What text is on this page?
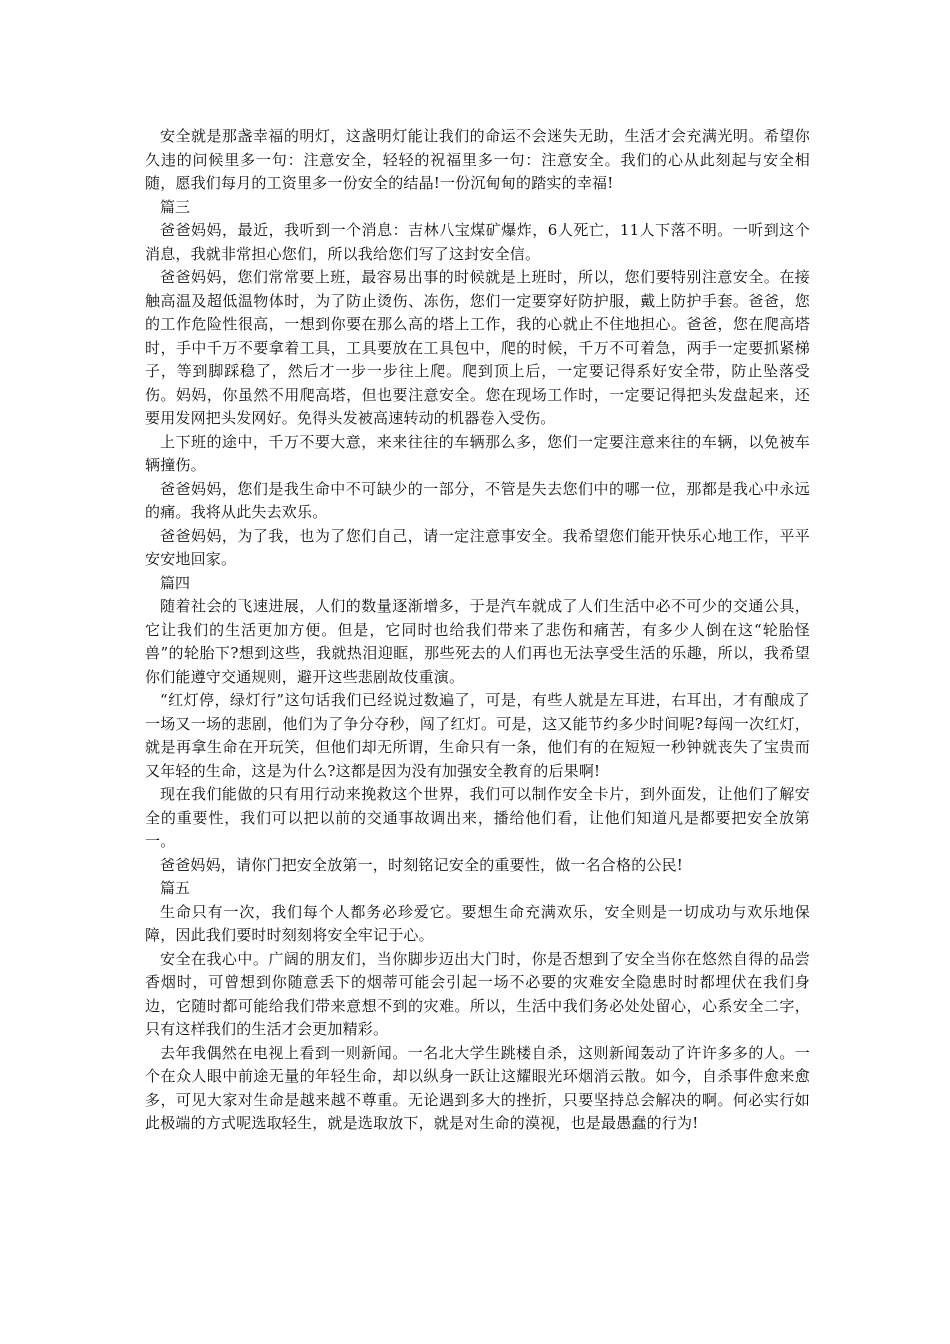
安全就是那盏幸福的明灯，这盏明灯能让我们的命运不会迷失无助，生活才会充满光明。希望你久违的问候里多一句：注意安全，轻轻的祝福里多一句：注意安全。我们的心从此刻起与安全相随，愿我们每月的工资里多一份安全的结晶!一份沉甸甸的踏实的幸福!

篇三

爸爸妈妈，最近，我听到一个消息：吉林八宝煤矿爆炸，6人死亡，11人下落不明。一听到这个消息，我就非常担心您们，所以我给您们写了这封安全信。

爸爸妈妈，您们常常要上班，最容易出事的时候就是上班时，所以，您们要特别注意安全。在接触高温及超低温物体时，为了防止烫伤、冻伤，您们一定要穿好防护服，戴上防护手套。爸爸，您的工作危险性很高，一想到你要在那么高的塔上工作，我的心就止不住地担心。爸爸，您在爬高塔时，手中千万不要拿着工具，工具要放在工具包中，爬的时候，千万不可着急，两手一定要抓紧梯子，等到脚踩稳了，然后才一步一步往上爬。爬到顶上后，一定要记得系好安全带，防止坠落受伤。妈妈，你虽然不用爬高塔，但也要注意安全。您在现场工作时，一定要记得把头发盘起来，还要用发网把头发网好。免得头发被高速转动的机器卷入受伤。

上下班的途中，千万不要大意，来来往往的车辆那么多，您们一定要注意来往的车辆，以免被车辆撞伤。

爸爸妈妈，您们是我生命中不可缺少的一部分，不管是失去您们中的哪一位，那都是我心中永远的痛。我将从此失去欢乐。

爸爸妈妈，为了我，也为了您们自己，请一定注意事安全。我希望您们能开快乐心地工作，平平安安地回家。

篇四

随着社会的飞速进展，人们的数量逐渐增多，于是汽车就成了人们生活中必不可少的交通公具，它让我们的生活更加方便。但是，它同时也给我们带来了悲伤和痛苦，有多少人倒在这“轮胎怪兽”的轮胎下?想到这些，我就热泪迎眶，那些死去的人们再也无法享受生活的乐趣，所以，我希望你们能遵守交通规则，避开这些悲剧故伎重演。

“红灯停，绿灯行”这句话我们已经说过数遍了，可是，有些人就是左耳进，右耳出，才有酿成了一场又一场的悲剧，他们为了争分夺秒，闯了红灯。可是，这又能节约多少时间呢?每闯一次红灯，就是再拿生命在开玩笑，但他们却无所谓，生命只有一条，他们有的在短短一秒钟就丧失了宝贵而又年轻的生命，这是为什么?这都是因为没有加强安全教育的后果啊!

现在我们能做的只有用行动来挽救这个世界，我们可以制作安全卡片，到外面发，让他们了解安全的重要性，我们可以把以前的交通事故调出来，播给他们看，让他们知道凡是都要把安全放第一。

爸爸妈妈，请你门把安全放第一，时刻铭记安全的重要性，做一名合格的公民!

篇五

生命只有一次，我们每个人都务必珍爱它。要想生命充满欢乐，安全则是一切成功与欢乐地保障，因此我们要时时刻刻将安全牢记于心。

安全在我心中。广阔的朋友们，当你脚步迈出大门时，你是否想到了安全当你在悠然自得的品尝香烟时，可曾想到你随意丢下的烟蒂可能会引起一场不必要的灾难安全隐患时时都埋伏在我们身边，它随时都可能给我们带来意想不到的灾难。所以，生活中我们务必处处留心，心系安全二字，只有这样我们的生活才会更加精彩。

去年我偶然在电视上看到一则新闻。一名北大学生跳楼自杀，这则新闻轰动了许许多多的人。一个在众人眼中前途无量的年轻生命，却以纵身一跃让这耀眼光环烟消云散。如今，自杀事件愈来愈多，可见大家对生命是越来越不尊重。无论遇到多大的挫折，只要坚持总会解决的啊。何必实行如此极端的方式呢选取轻生，就是选取放下，就是对生命的漠视，也是最愚蠢的行为!
